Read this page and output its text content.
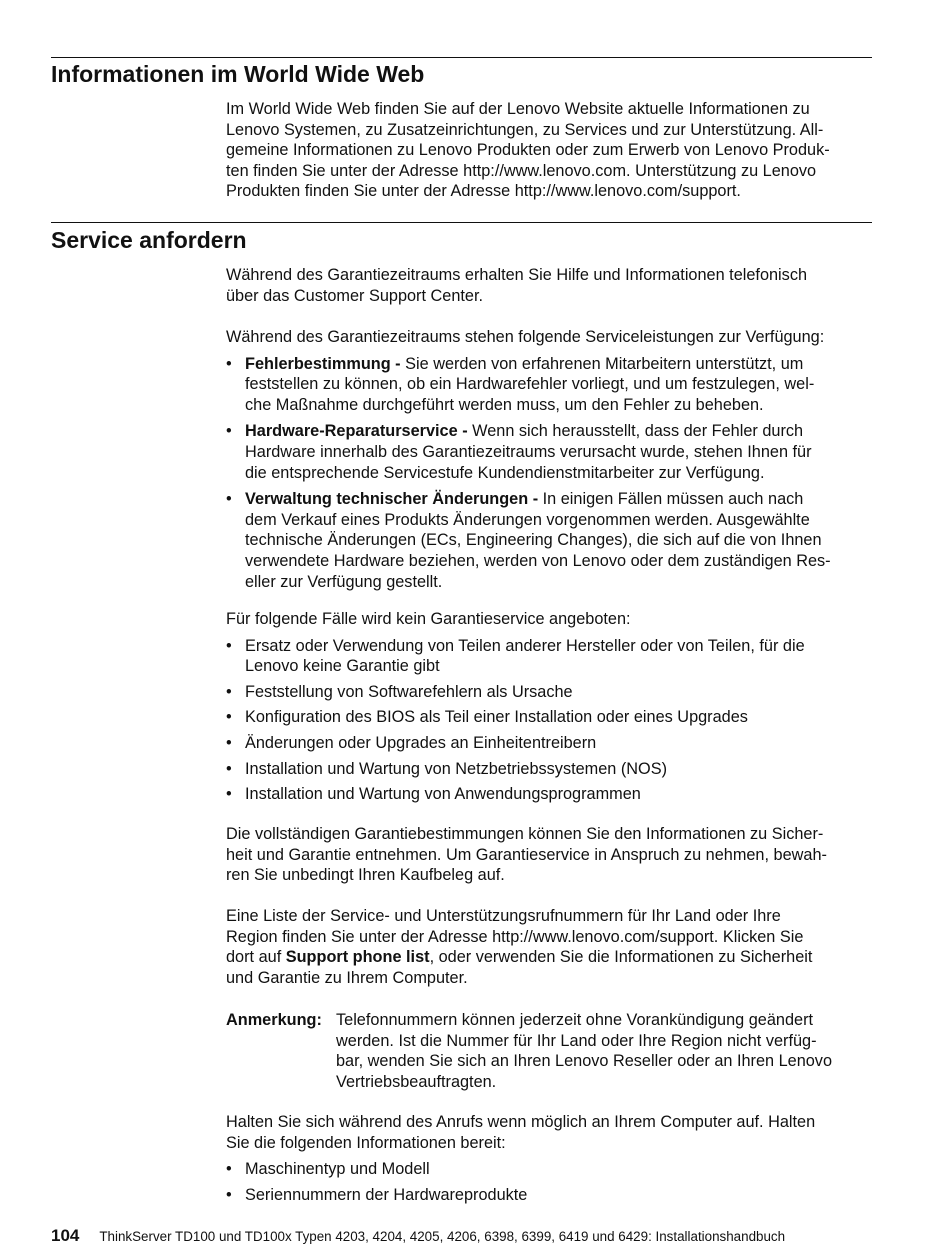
Informationen im World Wide Web

Im World Wide Web finden Sie auf der Lenovo Website aktuelle Informationen zu
Lenovo Systemen, zu Zusatzeinrichtungen, zu Services und zur Unterstützung. All-
gemeine Informationen zu Lenovo Produkten oder zum Erwerb von Lenovo Produk-
ten finden Sie unter der Adresse http://www.lenovo.com. Unterstützung zu Lenovo
Produkten finden Sie unter der Adresse http://www.lenovo.com/support.

Service anfordern

Während des Garantiezeitraums erhalten Sie Hilfe und Informationen telefonisch
über das Customer Support Center.

Während des Garantiezeitraums stehen folgende Serviceleistungen zur Verfügung:

• Fehlerbestimmung - Sie werden von erfahrenen Mitarbeitern unterstützt, um
feststellen zu können, ob ein Hardwarefehler vorliegt, und um festzulegen, wel-
che Maßnahme durchgeführt werden muss, um den Fehler zu beheben.
• Hardware-Reparaturservice - Wenn sich herausstellt, dass der Fehler durch
Hardware innerhalb des Garantiezeitraums verursacht wurde, stehen Ihnen für
die entsprechende Servicestufe Kundendienstmitarbeiter zur Verfügung.
• Verwaltung technischer Änderungen - In einigen Fällen müssen auch nach
dem Verkauf eines Produkts Änderungen vorgenommen werden. Ausgewählte
technische Änderungen (ECs, Engineering Changes), die sich auf die von Ihnen
verwendete Hardware beziehen, werden von Lenovo oder dem zuständigen Res-
eller zur Verfügung gestellt.

Für folgende Fälle wird kein Garantieservice angeboten:

• Ersatz oder Verwendung von Teilen anderer Hersteller oder von Teilen, für die
Lenovo keine Garantie gibt
• Feststellung von Softwarefehlern als Ursache
• Konfiguration des BIOS als Teil einer Installation oder eines Upgrades
• Änderungen oder Upgrades an Einheitentreibern
• Installation und Wartung von Netzbetriebssystemen (NOS)
• Installation und Wartung von Anwendungsprogrammen

Die vollständigen Garantiebestimmungen können Sie den Informationen zu Sicher-
heit und Garantie entnehmen. Um Garantieservice in Anspruch zu nehmen, bewah-
ren Sie unbedingt Ihren Kaufbeleg auf.

Eine Liste der Service- und Unterstützungsrufnummern für Ihr Land oder Ihre
Region finden Sie unter der Adresse http://www.lenovo.com/support. Klicken Sie
dort auf Support phone list, oder verwenden Sie die Informationen zu Sicherheit
und Garantie zu Ihrem Computer.

Anmerkung: Telefonnummern können jederzeit ohne Vorankündigung geändert
werden. Ist die Nummer für Ihr Land oder Ihre Region nicht verfüg-
bar, wenden Sie sich an Ihren Lenovo Reseller oder an Ihren Lenovo
Vertriebsbeauftragten.

Halten Sie sich während des Anrufs wenn möglich an Ihrem Computer auf. Halten
Sie die folgenden Informationen bereit:

• Maschinentyp und Modell
• Seriennummern der Hardwareprodukte
104 ThinkServer TD100 und TD100x Typen 4203, 4204, 4205, 4206, 6398, 6399, 6419 und 6429: Installationshandbuch
